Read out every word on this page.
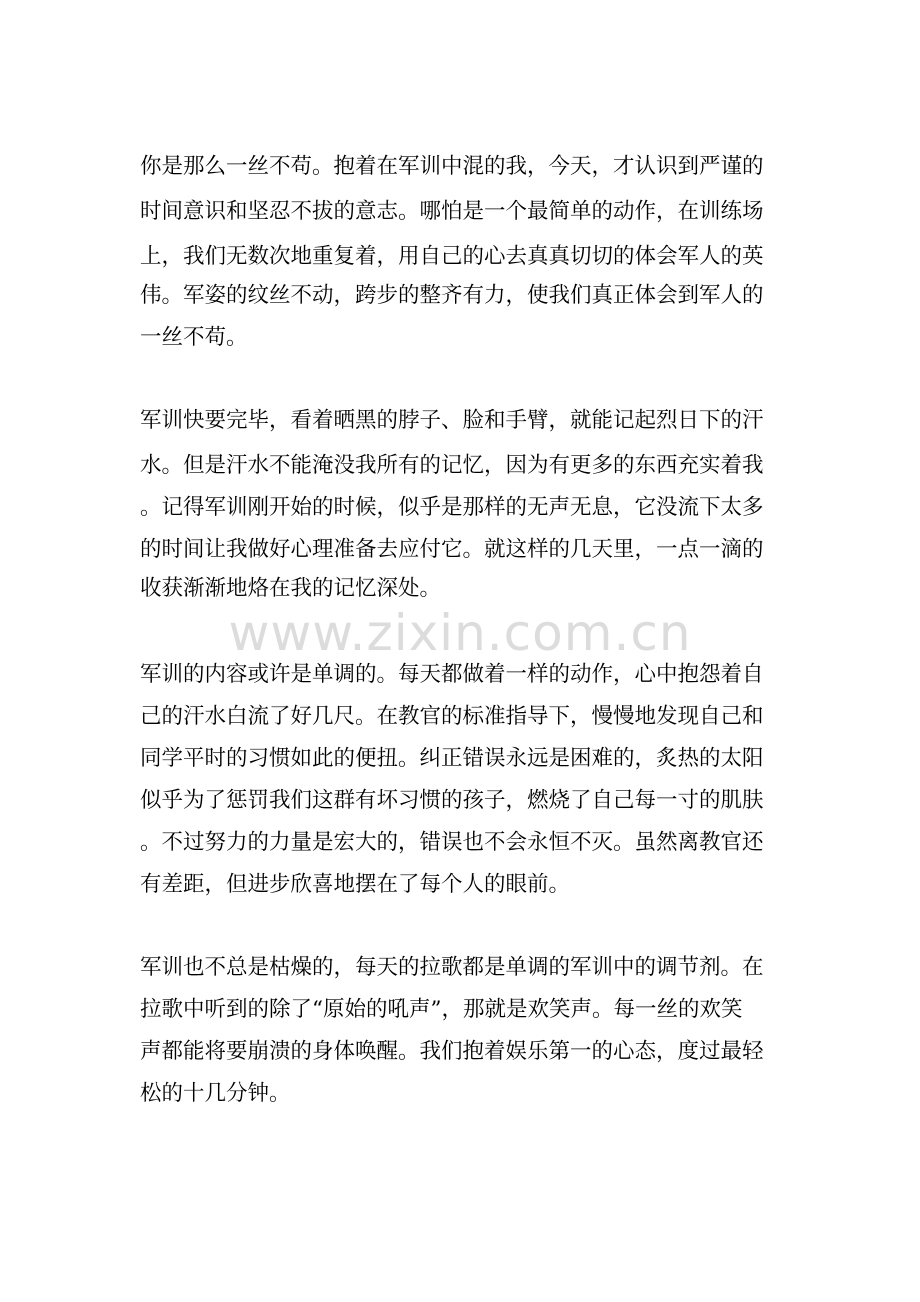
你是那么一丝不苟。抱着在军训中混的我，今天，才认识到严谨的
时间意识和坚忍不拔的意志。哪怕是一个最简单的动作，在训练场
上，我们无数次地重复着，用自己的心去真真切切的体会军人的英
伟。军姿的纹丝不动，跨步的整齐有力，使我们真正体会到军人的
一丝不苟。
军训快要完毕，看着晒黑的脖子、脸和手臂，就能记起烈日下的汗
水。但是汗水不能淹没我所有的记忆，因为有更多的东西充实着我
。记得军训刚开始的时候，似乎是那样的无声无息，它没流下太多
的时间让我做好心理准备去应付它。就这样的几天里，一点一滴的
收获渐渐地烙在我的记忆深处。
www.zixin.com.cn
军训的内容或许是单调的。每天都做着一样的动作，心中抱怨着自
己的汗水白流了好几尺。在教官的标准指导下，慢慢地发现自己和
同学平时的习惯如此的便扭。纠正错误永远是困难的，炙热的太阳
似乎为了惩罚我们这群有坏习惯的孩子，燃烧了自己每一寸的肌肤
。不过努力的力量是宏大的，错误也不会永恒不灭。虽然离教官还
有差距，但进步欣喜地摆在了每个人的眼前。
军训也不总是枯燥的，每天的拉歌都是单调的军训中的调节剂。在
拉歌中听到的除了“原始的吼声”，那就是欢笑声。每一丝的欢笑
声都能将要崩溃的身体唤醒。我们抱着娱乐第一的心态，度过最轻
松的十几分钟。
